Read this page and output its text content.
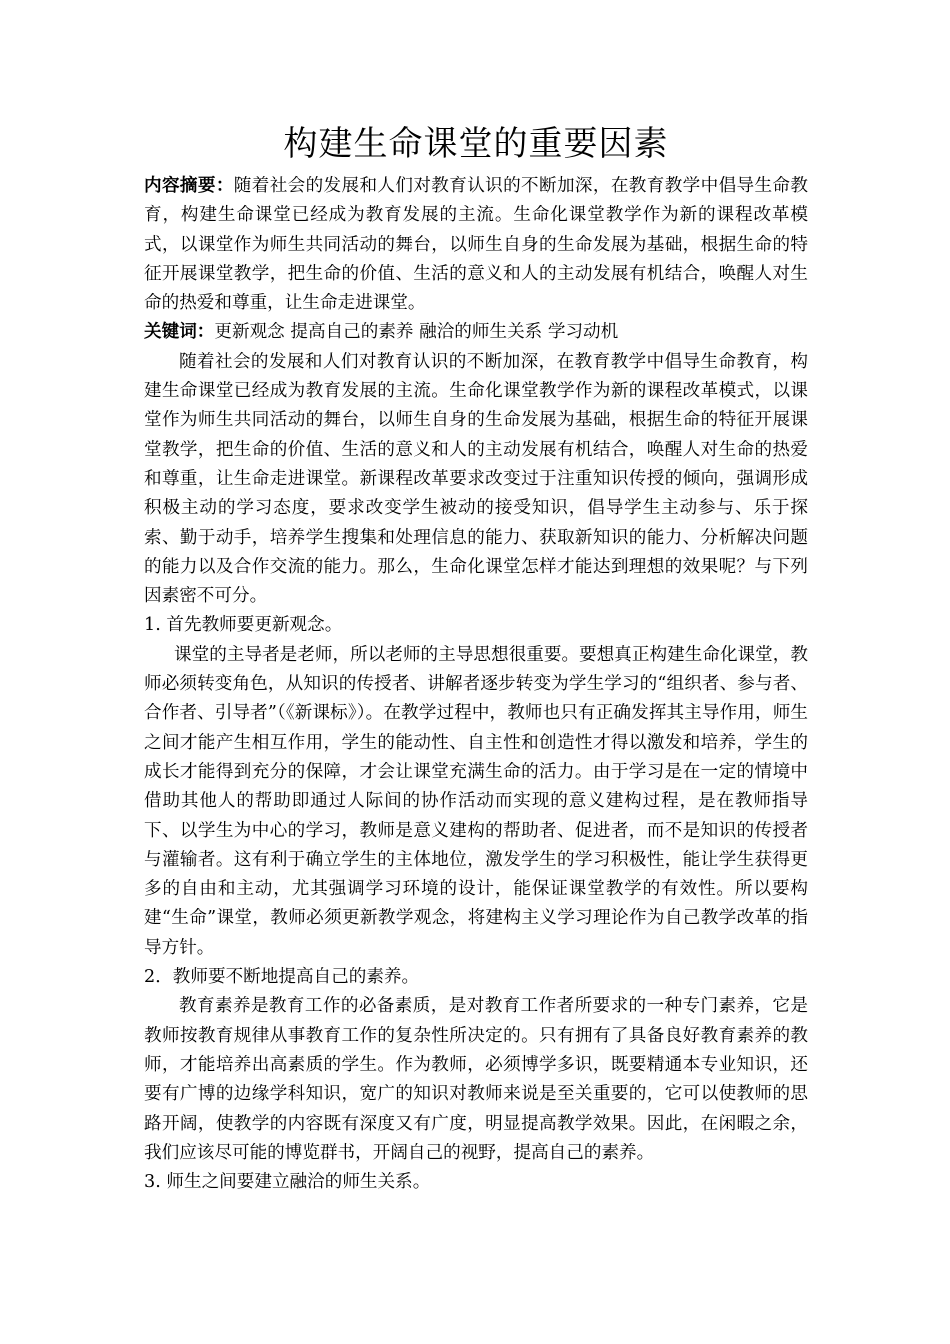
构建生命课堂的重要因素

内容摘要：随着社会的发展和人们对教育认识的不断加深，在教育教学中倡导生命教育，构建生命课堂已经成为教育发展的主流。生命化课堂教学作为新的课程改革模式，以课堂作为师生共同活动的舞台，以师生自身的生命发展为基础，根据生命的特征开展课堂教学，把生命的价值、生活的意义和人的主动发展有机结合，唤醒人对生命的热爱和尊重，让生命走进课堂。

关键词：更新观念 提高自己的素养 融洽的师生关系 学习动机

随着社会的发展和人们对教育认识的不断加深，在教育教学中倡导生命教育，构建生命课堂已经成为教育发展的主流。生命化课堂教学作为新的课程改革模式，以课堂作为师生共同活动的舞台，以师生自身的生命发展为基础，根据生命的特征开展课堂教学，把生命的价值、生活的意义和人的主动发展有机结合，唤醒人对生命的热爱和尊重，让生命走进课堂。新课程改革要求改变过于注重知识传授的倾向，强调形成积极主动的学习态度，要求改变学生被动的接受知识，倡导学生主动参与、乐于探索、勤于动手，培养学生搜集和处理信息的能力、获取新知识的能力、分析解决问题的能力以及合作交流的能力。那么，生命化课堂怎样才能达到理想的效果呢？与下列因素密不可分。

1. 首先教师要更新观念。

课堂的主导者是老师，所以老师的主导思想很重要。要想真正构建生命化课堂，教师必须转变角色，从知识的传授者、讲解者逐步转变为学生学习的“组织者、参与者、合作者、引导者”（《新课标》）。在教学过程中，教师也只有正确发挥其主导作用，师生之间才能产生相互作用，学生的能动性、自主性和创造性才得以激发和培养，学生的成长才能得到充分的保障，才会让课堂充满生命的活力。由于学习是在一定的情境中借助其他人的帮助即通过人际间的协作活动而实现的意义建构过程，是在教师指导下、以学生为中心的学习，教师是意义建构的帮助者、促进者，而不是知识的传授者与灌输者。这有利于确立学生的主体地位，激发学生的学习积极性，能让学生获得更多的自由和主动，尤其强调学习环境的设计，能保证课堂教学的有效性。所以要构建“生命”课堂，教师必须更新教学观念，将建构主义学习理论作为自己教学改革的指导方针。

2．教师要不断地提高自己的素养。

教育素养是教育工作的必备素质，是对教育工作者所要求的一种专门素养，它是教师按教育规律从事教育工作的复杂性所决定的。只有拥有了具备良好教育素养的教师，才能培养出高素质的学生。作为教师，必须博学多识，既要精通本专业知识，还要有广博的边缘学科知识，宽广的知识对教师来说是至关重要的，它可以使教师的思路开阔，使教学的内容既有深度又有广度，明显提高教学效果。因此，在闲暇之余，我们应该尽可能的博览群书，开阔自己的视野，提高自己的素养。

3. 师生之间要建立融洽的师生关系。
